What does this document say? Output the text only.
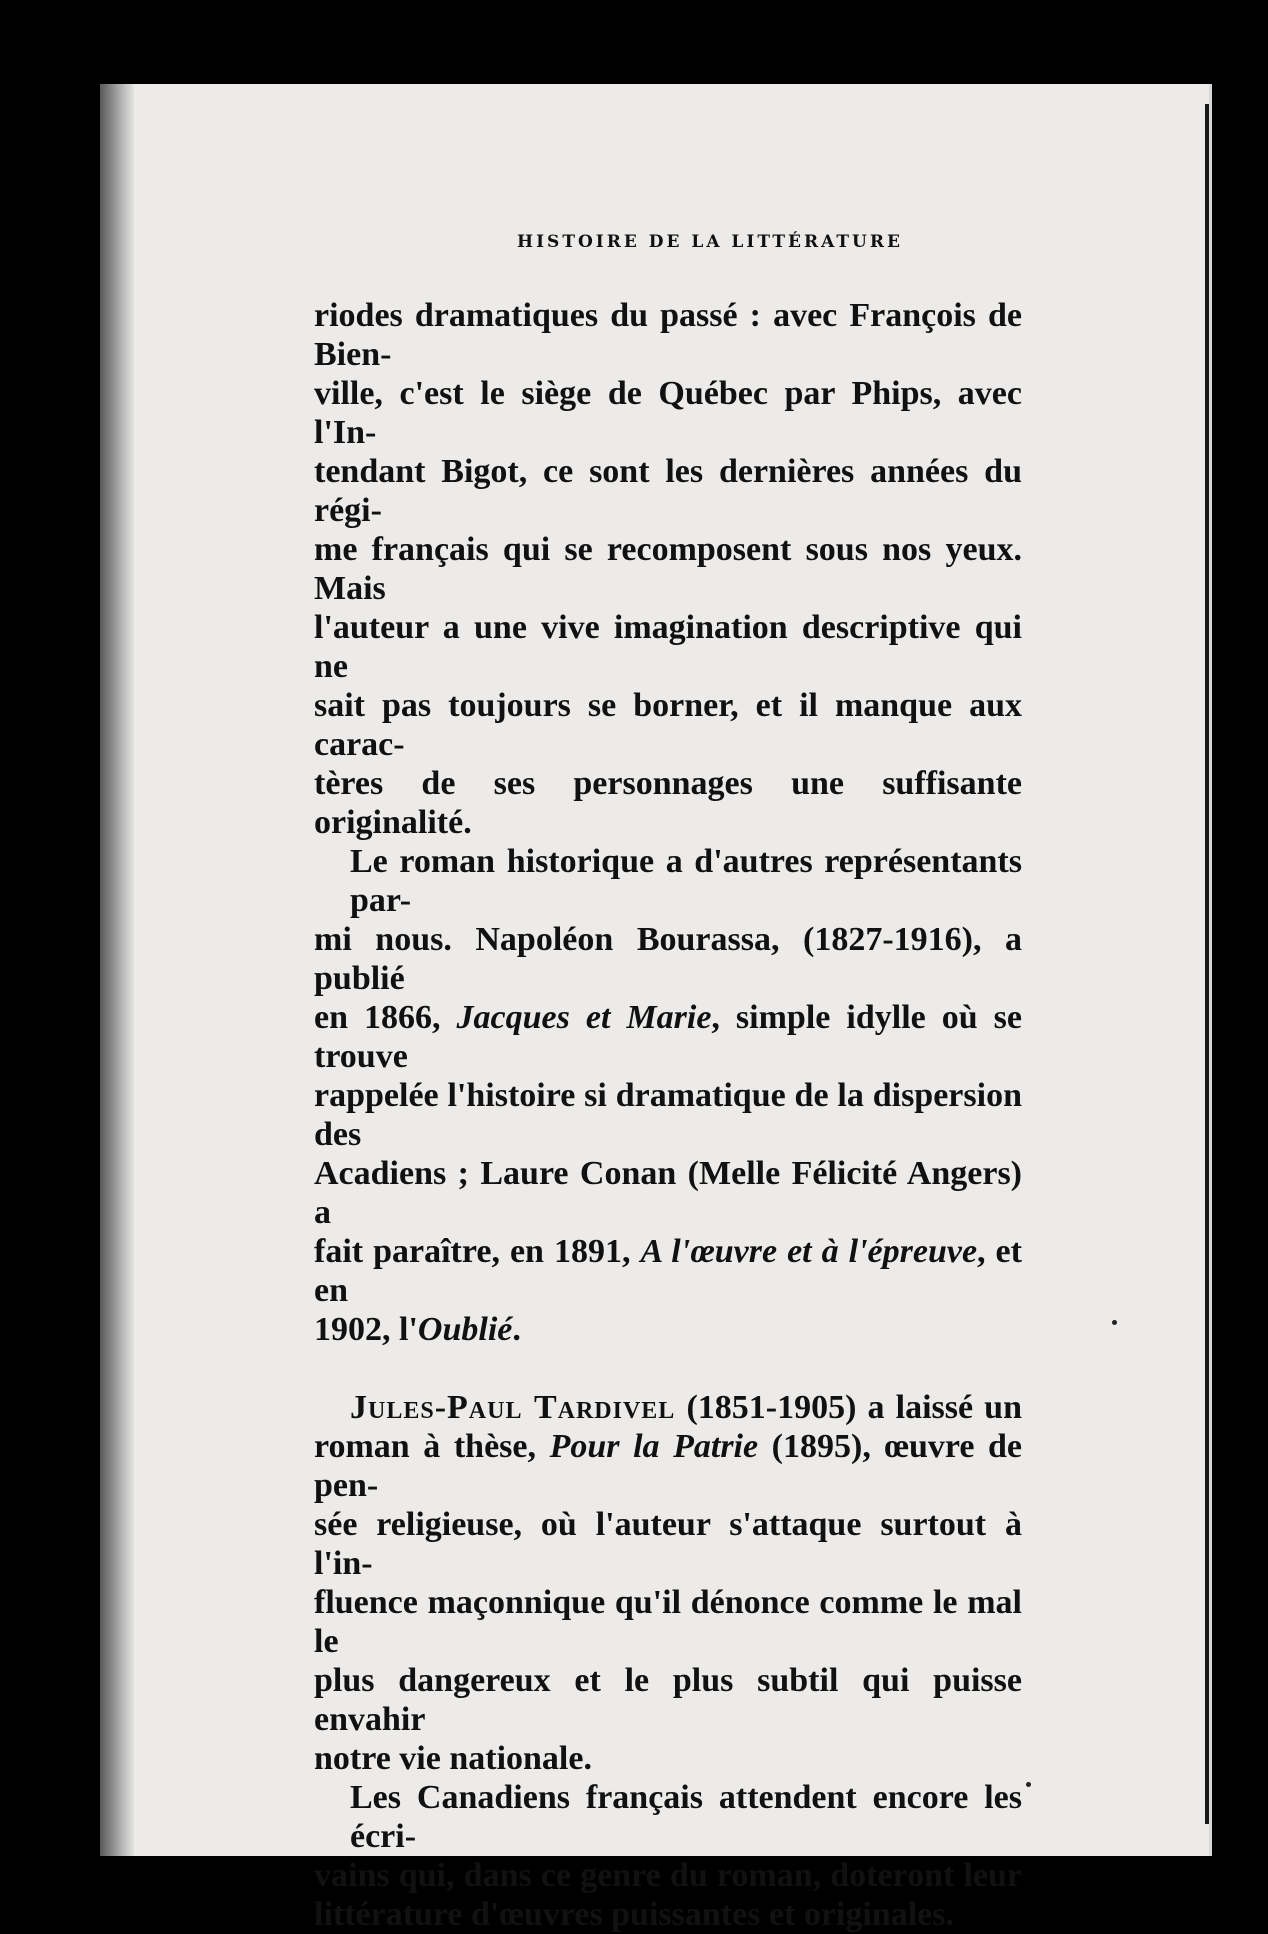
HISTOIRE DE LA LITTÉRATURE
riodes dramatiques du passé : avec François de Bien-
ville, c'est le siège de Québec par Phips, avec l'In-
tendant Bigot, ce sont les dernières années du régi-
me français qui se recomposent sous nos yeux. Mais
l'auteur a une vive imagination descriptive qui ne
sait pas toujours se borner, et il manque aux carac-
tères de ses personnages une suffisante originalité.
Le roman historique a d'autres représentants par-
mi nous. Napoléon Bourassa, (1827-1916), a publié
en 1866, Jacques et Marie, simple idylle où se trouve
rappelée l'histoire si dramatique de la dispersion des
Acadiens ; Laure Conan (Melle Félicité Angers) a
fait paraître, en 1891, A l'œuvre et à l'épreuve, et en
1902, l'Oublié.
Jules-Paul Tardivel (1851-1905) a laissé un
roman à thèse, Pour la Patrie (1895), œuvre de pen-
sée religieuse, où l'auteur s'attaque surtout à l'in-
fluence maçonnique qu'il dénonce comme le mal le
plus dangereux et le plus subtil qui puisse envahir
notre vie nationale.
Les Canadiens français attendent encore les écri-
vains qui, dans ce genre du roman, doteront leur
littérature d'œuvres puissantes et originales.
